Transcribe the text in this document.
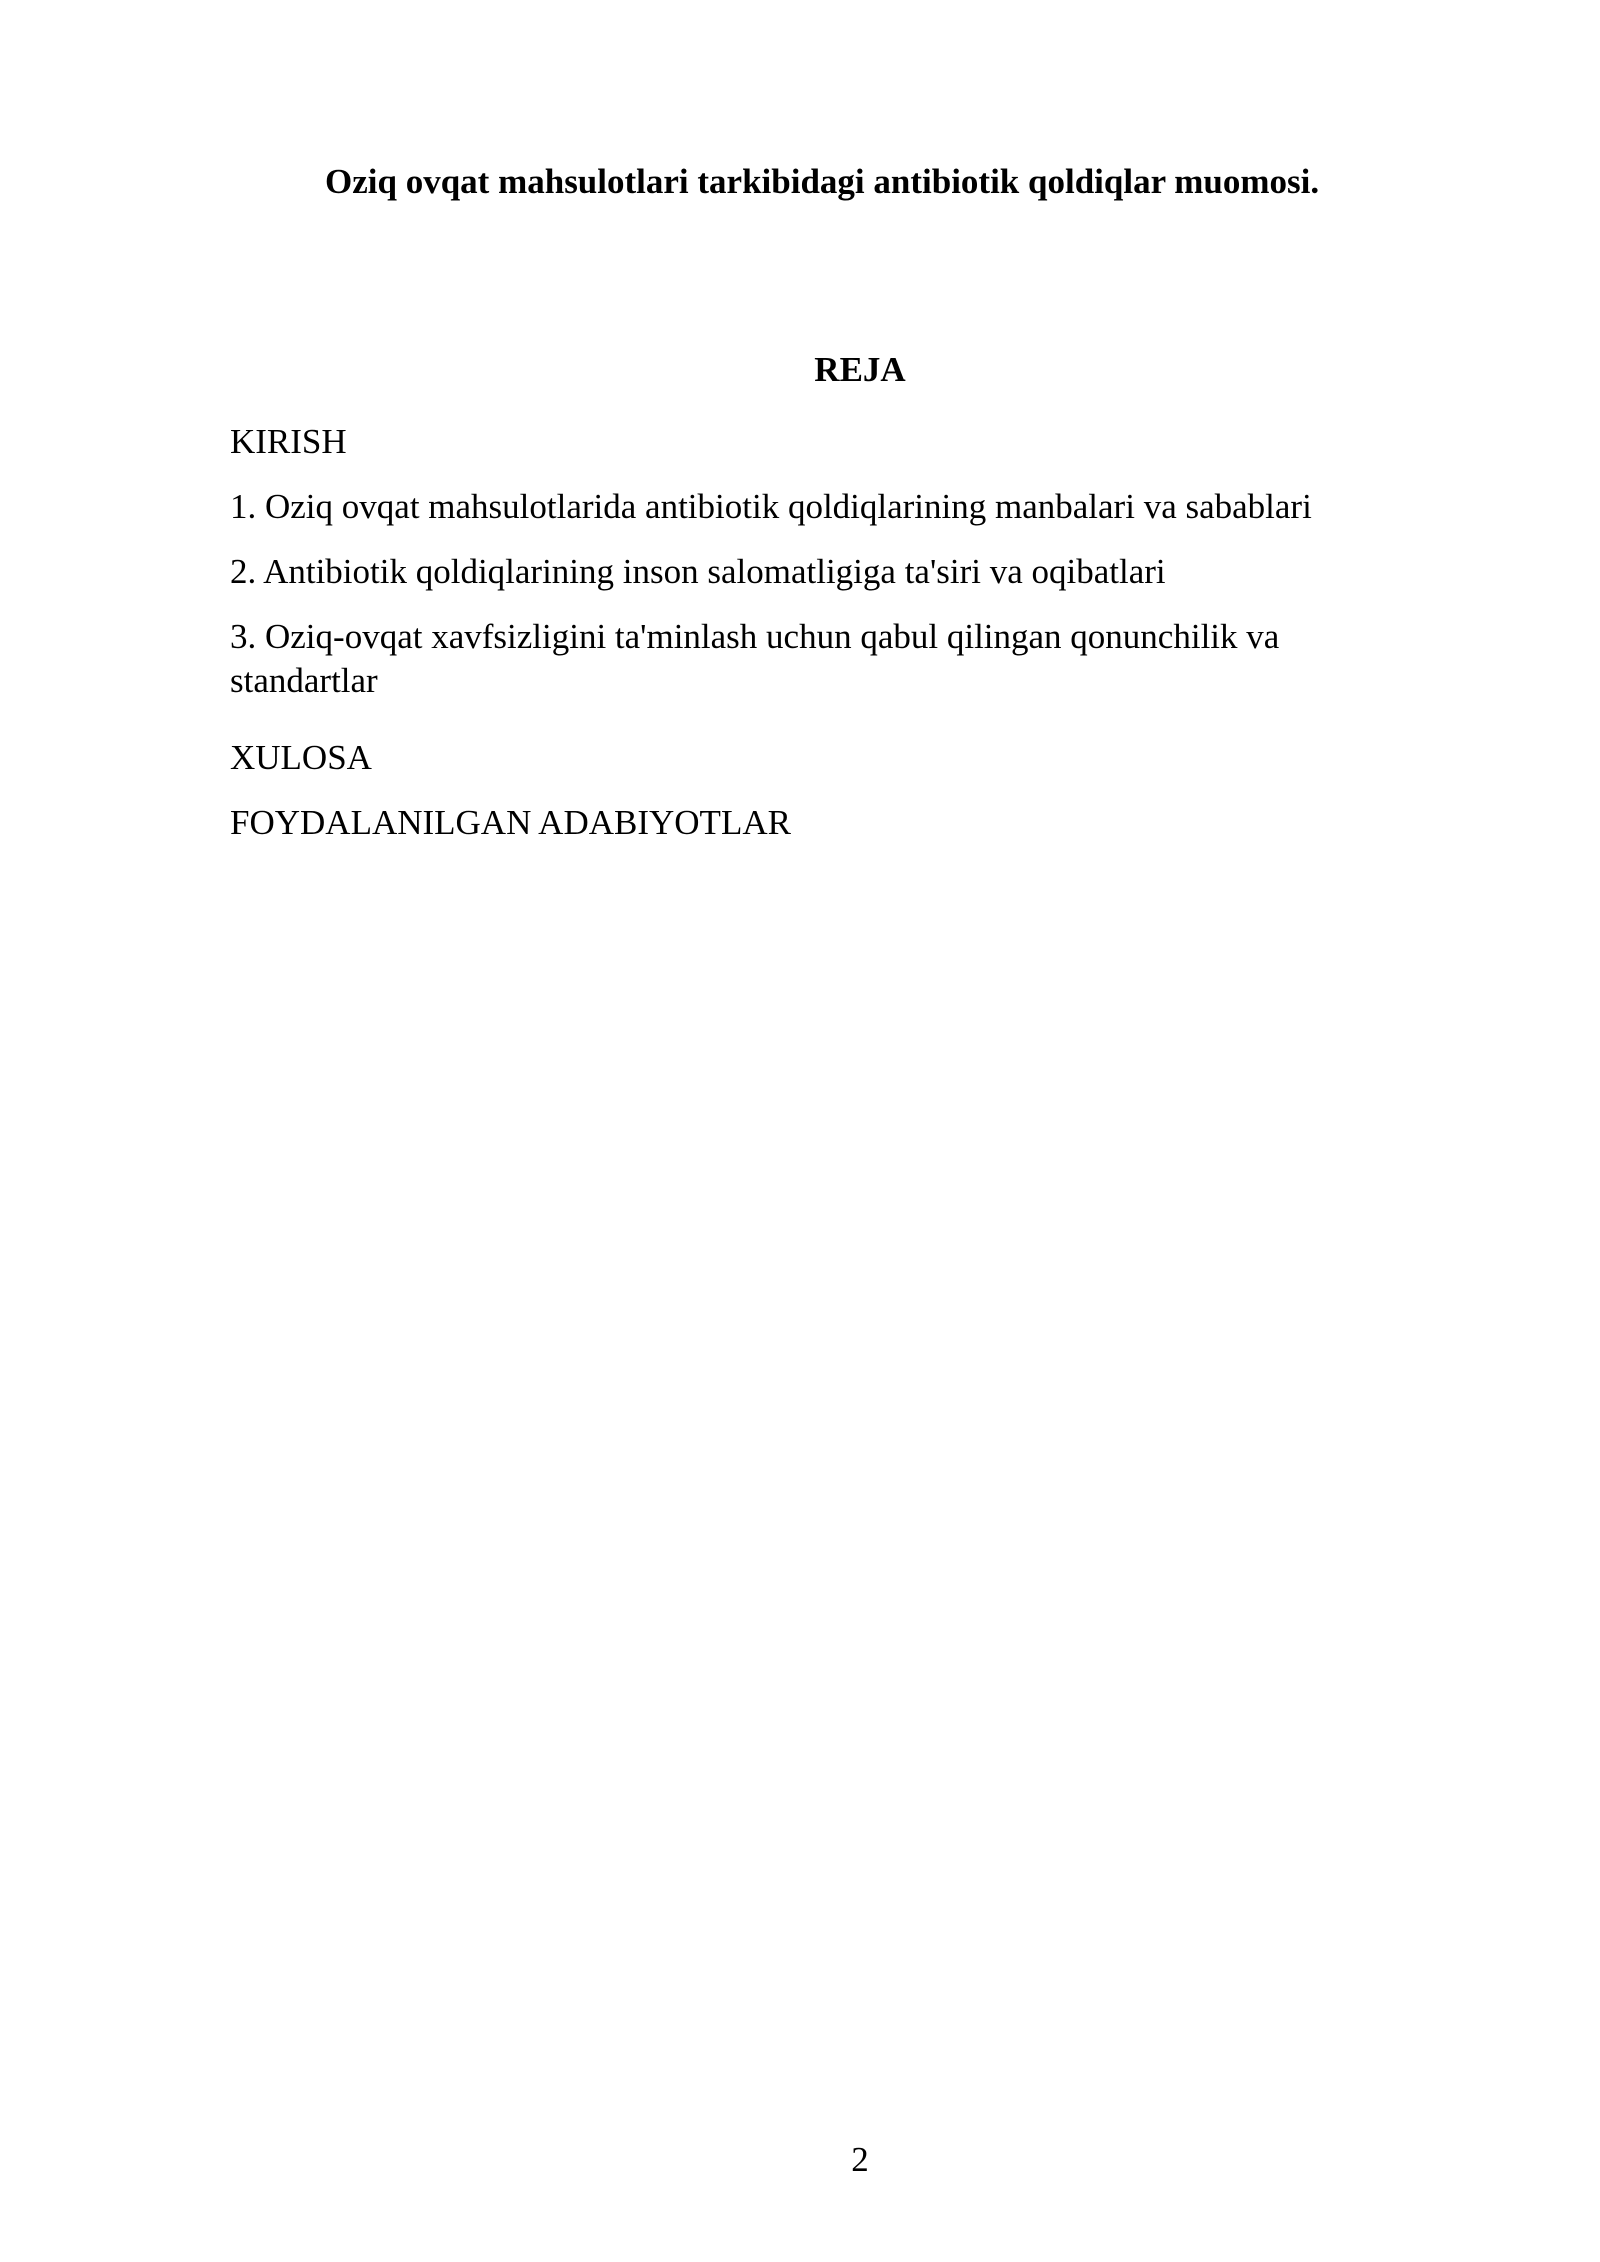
Oziq ovqat mahsulotlari tarkibidagi antibiotik qoldiqlar muomosi.
REJA
KIRISH
1. Oziq ovqat mahsulotlarida antibiotik qoldiqlarining manbalari va sabablari
2. Antibiotik qoldiqlarining inson salomatligiga ta'siri va oqibatlari
3. Oziq-ovqat xavfsizligini ta'minlash uchun qabul qilingan qonunchilik va standartlar
XULOSA
FOYDALANILGAN ADABIYOTLAR
2
